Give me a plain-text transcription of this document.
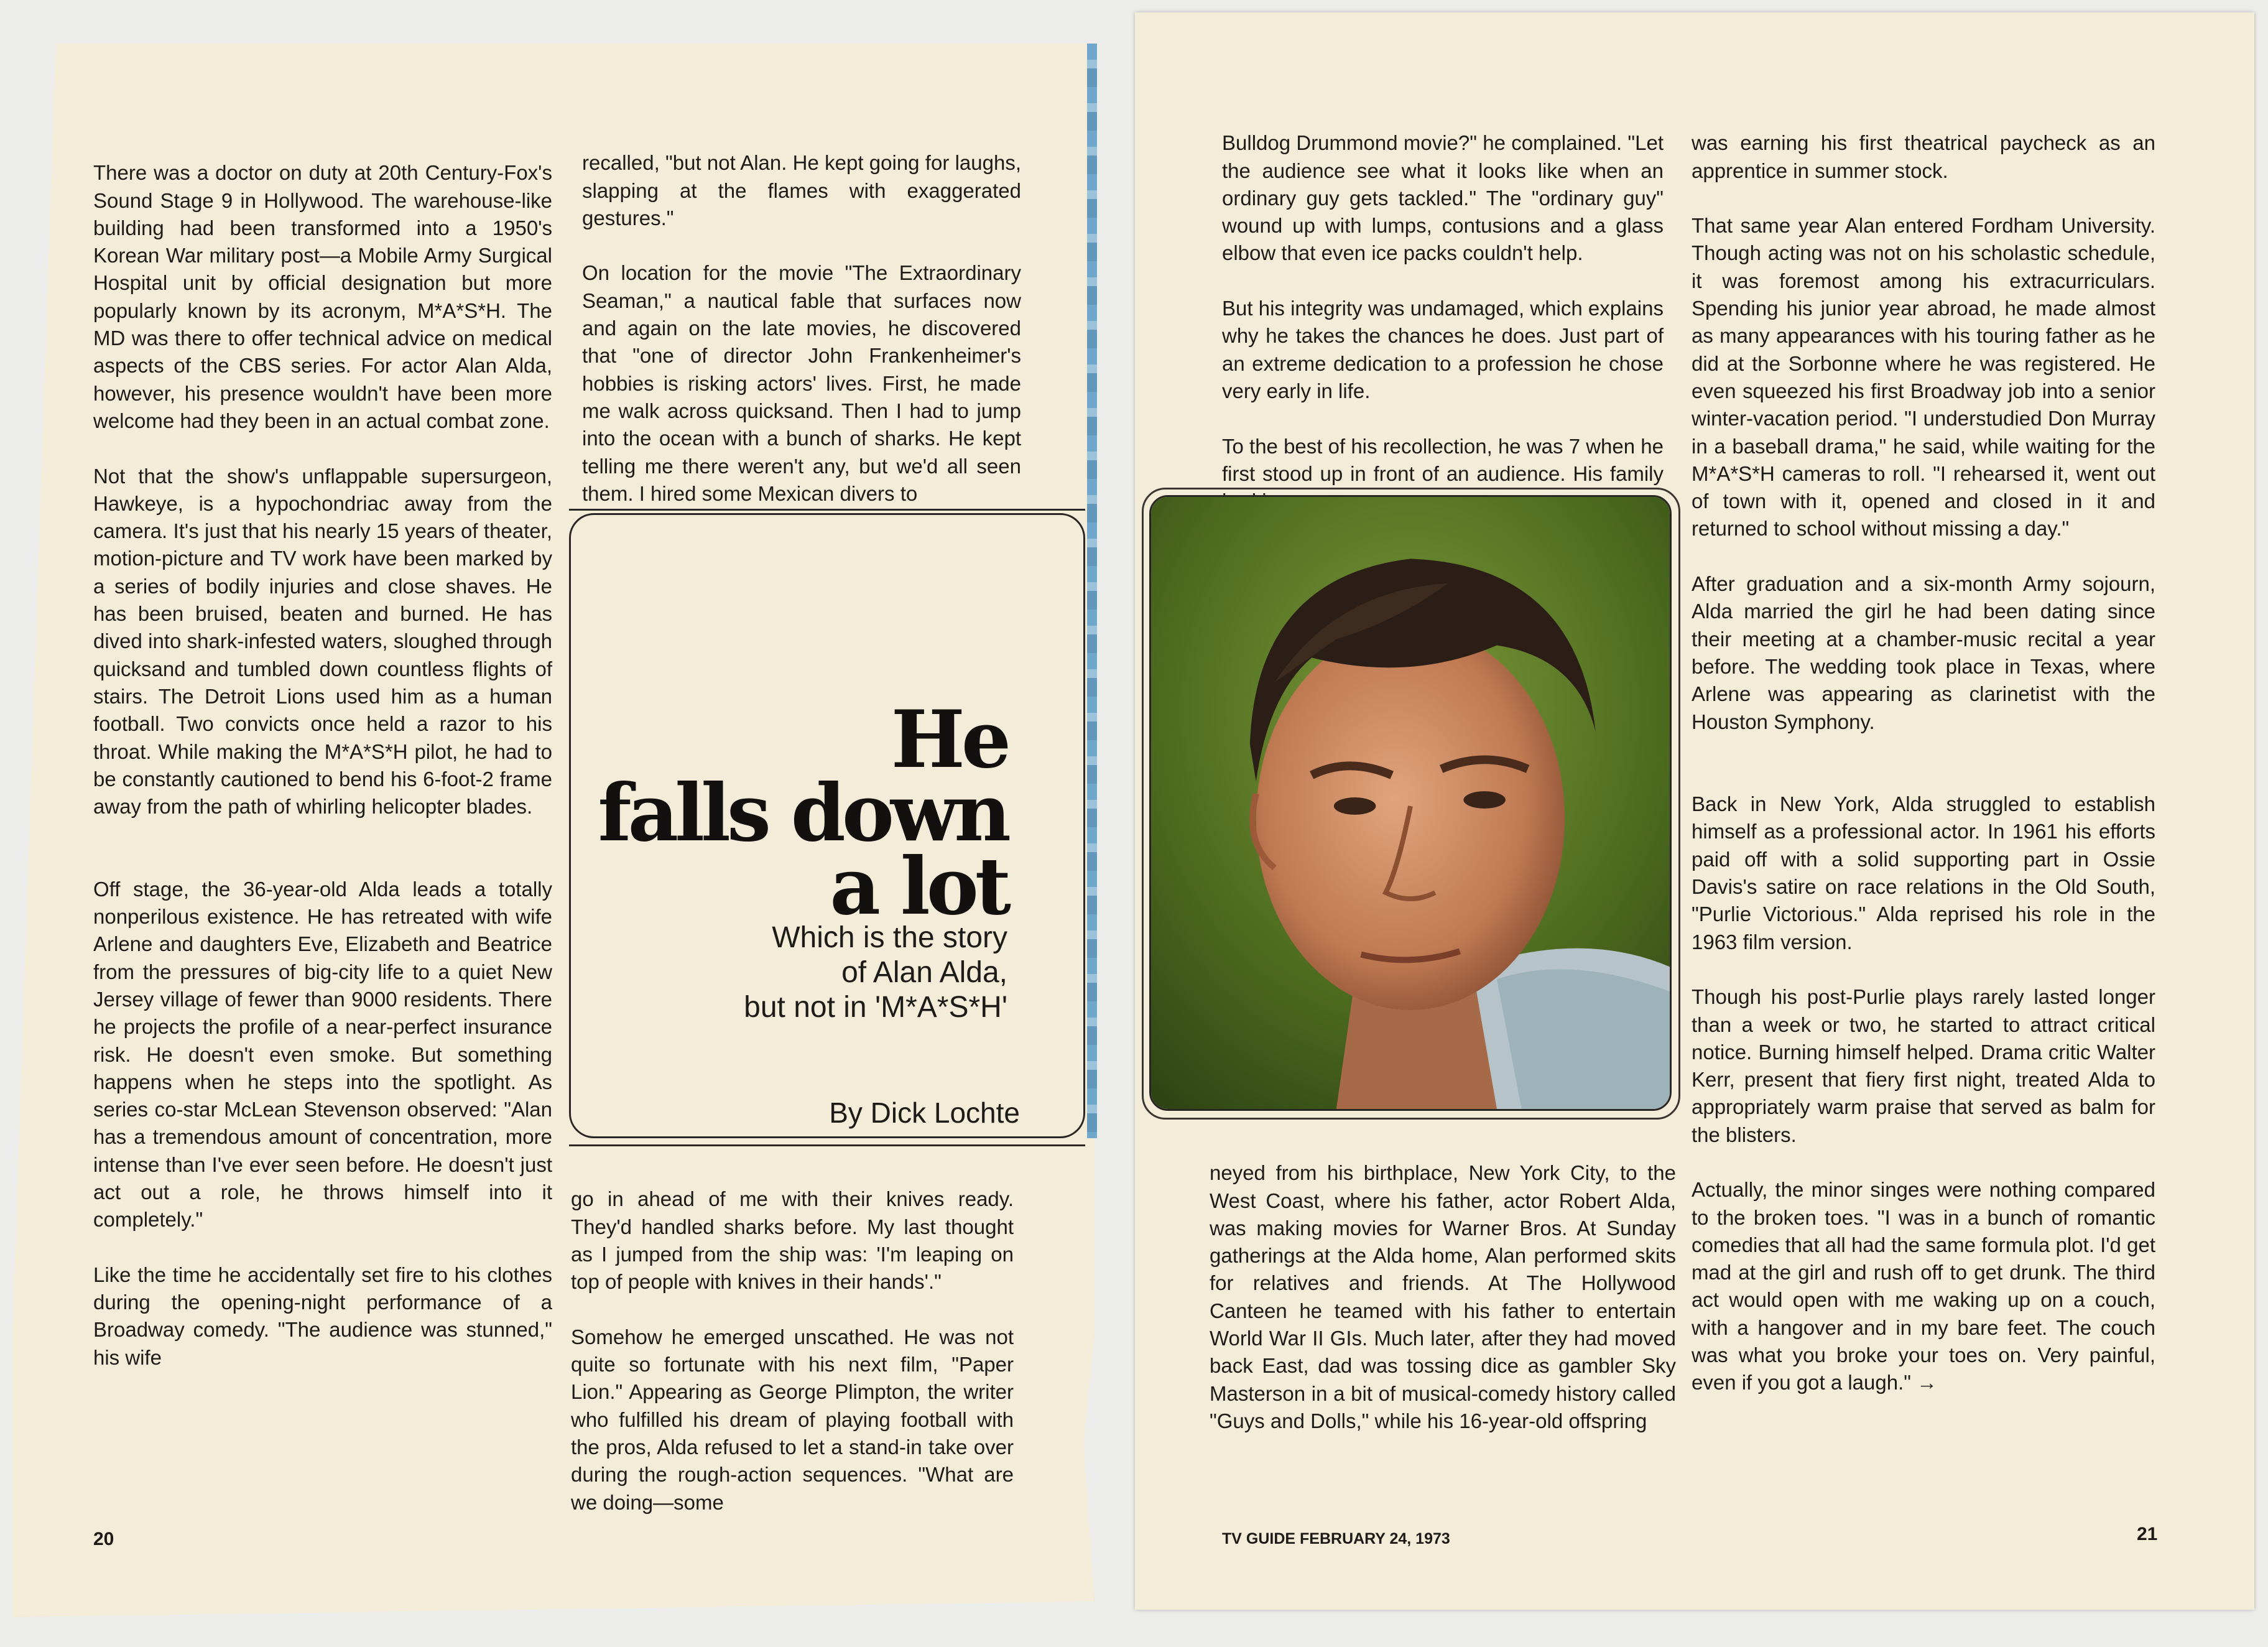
There was a doctor on duty at 20th Century-Fox's Sound Stage 9 in Hollywood. The warehouse-like building had been transformed into a 1950's Korean War military post—a Mobile Army Surgical Hospital unit by official designation but more popularly known by its acronym, M*A*S*H. The MD was there to offer technical advice on medical aspects of the CBS series. For actor Alan Alda, however, his presence wouldn't have been more welcome had they been in an actual combat zone.

Not that the show's unflappable supersurgeon, Hawkeye, is a hypochondriac away from the camera. It's just that his nearly 15 years of theater, motion-picture and TV work have been marked by a series of bodily injuries and close shaves. He has been bruised, beaten and burned. He has dived into shark-infested waters, sloughed through quicksand and tumbled down countless flights of stairs. The Detroit Lions used him as a human football. Two convicts once held a razor to his throat. While making the M*A*S*H pilot, he had to be constantly cautioned to bend his 6-foot-2 frame away from the path of whirling helicopter blades.

Off stage, the 36-year-old Alda leads a totally nonperilous existence. He has retreated with wife Arlene and daughters Eve, Elizabeth and Beatrice from the pressures of big-city life to a quiet New Jersey village of fewer than 9000 residents. There he projects the profile of a near-perfect insurance risk. He doesn't even smoke. But something happens when he steps into the spotlight. As series co-star McLean Stevenson observed: "Alan has a tremendous amount of concentration, more intense than I've ever seen before. He doesn't just act out a role, he throws himself into it completely."

Like the time he accidentally set fire to his clothes during the opening-night performance of a Broadway comedy. "The audience was stunned," his wife

recalled, "but not Alan. He kept going for laughs, slapping at the flames with exaggerated gestures."

On location for the movie "The Extraordinary Seaman," a nautical fable that surfaces now and again on the late movies, he discovered that "one of director John Frankenheimer's hobbies is risking actors' lives. First, he made me walk across quicksand. Then I had to jump into the ocean with a bunch of sharks. He kept telling me there weren't any, but we'd all seen them. I hired some Mexican divers to

He
falls down
a lot
Which is the story
of Alan Alda,
but not in 'M*A*S*H'
By Dick Lochte

go in ahead of me with their knives ready. They'd handled sharks before. My last thought as I jumped from the ship was: 'I'm leaping on top of people with knives in their hands'."

Somehow he emerged unscathed. He was not quite so fortunate with his next film, "Paper Lion." Appearing as George Plimpton, the writer who fulfilled his dream of playing football with the pros, Alda refused to let a stand-in take over during the rough-action sequences. "What are we doing—some

20

Bulldog Drummond movie?" he complained. "Let the audience see what it looks like when an ordinary guy gets tackled." The "ordinary guy" wound up with lumps, contusions and a glass elbow that even ice packs couldn't help.

But his integrity was undamaged, which explains why he takes the chances he does. Just part of an extreme dedication to a profession he chose very early in life.

To the best of his recollection, he was 7 when he first stood up in front of an audience. His family

neyed from his birthplace, New York City, to the West Coast, where his father, actor Robert Alda, was making movies for Warner Bros. At Sunday gatherings at the Alda home, Alan performed skits for relatives and friends. At The Hollywood Canteen he teamed with his father to entertain World War II GIs. Much later, after they had moved back East, dad was tossing dice as gambler Sky Masterson in a bit of musical-comedy history called "Guys and Dolls," while his 16-year-old offspring

was earning his first theatrical paycheck as an apprentice in summer stock.

That same year Alan entered Fordham University. Though acting was not on his scholastic schedule, it was foremost among his extracurriculars. Spending his junior year abroad, he made almost as many appearances with his touring father as he did at the Sorbonne where he was registered. He even squeezed his first Broadway job into a senior winter-vacation period. "I understudied Don Murray in a baseball drama," he said, while waiting for the M*A*S*H cameras to roll. "I rehearsed it, went out of town with it, opened and closed in it and returned to school without missing a day."

After graduation and a six-month Army sojourn, Alda married the girl he had been dating since their meeting at a chamber-music recital a year before. The wedding took place in Texas, where Arlene was appearing as clarinetist with the Houston Symphony.

Back in New York, Alda struggled to establish himself as a professional actor. In 1961 his efforts paid off with a solid supporting part in Ossie Davis's satire on race relations in the Old South, "Purlie Victorious." Alda reprised his role in the 1963 film version.

Though his post-Purlie plays rarely lasted longer than a week or two, he started to attract critical notice. Burning himself helped. Drama critic Walter Kerr, present that fiery first night, treated Alda to appropriately warm praise that served as balm for the blisters.

Actually, the minor singes were nothing compared to the broken toes. "I was in a bunch of romantic comedies that all had the same formula plot. I'd get mad at the girl and rush off to get drunk. The third act would open with me waking up on a couch, with a hangover and in my bare feet. The couch was what you broke your toes on. Very painful, even if you got a laugh." →

TV GUIDE FEBRUARY 24, 1973	21
